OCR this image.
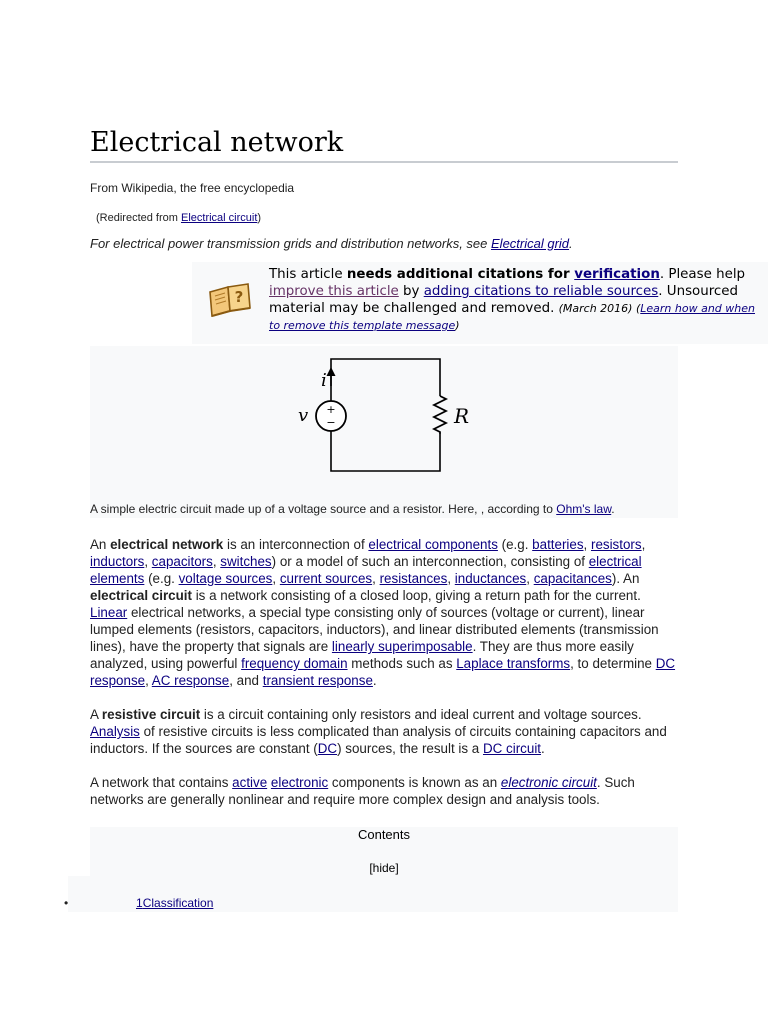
Electrical network
From Wikipedia, the free encyclopedia
(Redirected from Electrical circuit)
For electrical power transmission grids and distribution networks, see Electrical grid.
?
This article needs additional citations for verification. Please help improve this article by adding citations to reliable sources. Unsourced material may be challenged and removed. (March 2016) (Learn how and when to remove this template message)
+
−
i
v	R
A simple electric circuit made up of a voltage source and a resistor. Here, , according to Ohm's law.

An electrical network is an interconnection of electrical components (e.g. batteries, resistors, inductors, capacitors, switches) or a model of such an interconnection, consisting of electrical elements (e.g. voltage sources, current sources, resistances, inductances, capacitances). An electrical circuit is a network consisting of a closed loop, giving a return path for the current. Linear electrical networks, a special type consisting only of sources (voltage or current), linear lumped elements (resistors, capacitors, inductors), and linear distributed elements (transmission lines), have the property that signals are linearly superimposable. They are thus more easily analyzed, using powerful frequency domain methods such as Laplace transforms, to determine DC response, AC response, and transient response.

A resistive circuit is a circuit containing only resistors and ideal current and voltage sources. Analysis of resistive circuits is less complicated than analysis of circuits containing capacitors and inductors. If the sources are constant (DC) sources, the result is a DC circuit.

A network that contains active electronic components is known as an electronic circuit. Such networks are generally nonlinear and require more complex design and analysis tools.

Contents
[hide]
•	1Classification
